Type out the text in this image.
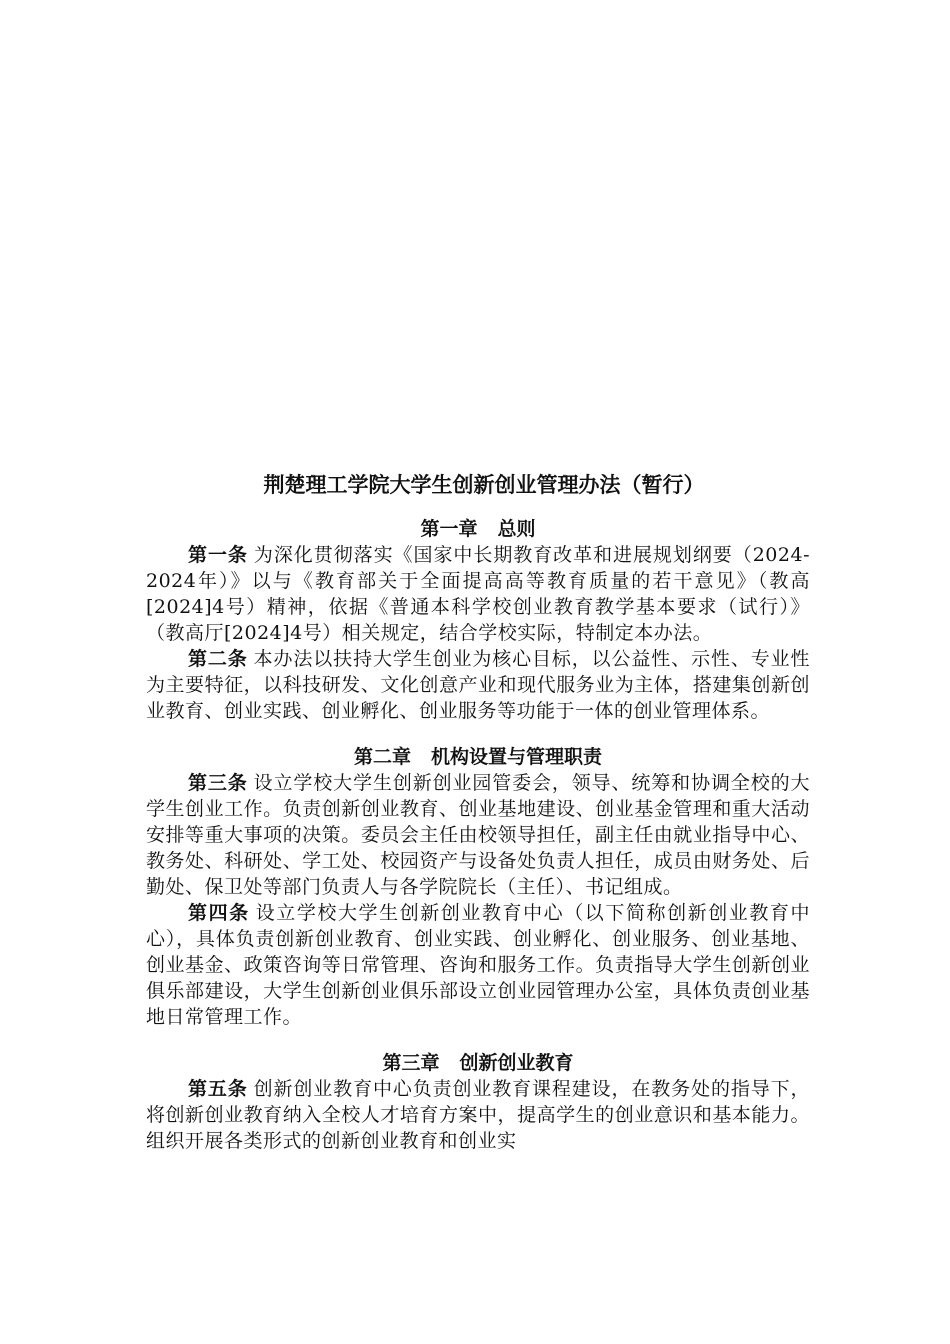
荆楚理工学院大学生创新创业管理办法（暂行）
第一章 总则

第一条 为深化贯彻落实《国家中长期教育改革和进展规划纲要（2024-2024年）》以与《教育部关于全面提高高等教育质量的若干意见》（教高[2024]4号）精神，依据《普通本科学校创业教育教学基本要求（试行）》（教高厅[2024]4号）相关规定，结合学校实际，特制定本办法。

第二条 本办法以扶持大学生创业为核心目标，以公益性、示性、专业性为主要特征，以科技研发、文化创意产业和现代服务业为主体，搭建集创新创业教育、创业实践、创业孵化、创业服务等功能于一体的创业管理体系。

第二章 机构设置与管理职责

第三条 设立学校大学生创新创业园管委会，领导、统筹和协调全校的大学生创业工作。负责创新创业教育、创业基地建设、创业基金管理和重大活动安排等重大事项的决策。委员会主任由校领导担任，副主任由就业指导中心、教务处、科研处、学工处、校园资产与设备处负责人担任，成员由财务处、后勤处、保卫处等部门负责人与各学院院长（主任）、书记组成。

第四条 设立学校大学生创新创业教育中心（以下简称创新创业教育中心），具体负责创新创业教育、创业实践、创业孵化、创业服务、创业基地、创业基金、政策咨询等日常管理、咨询和服务工作。负责指导大学生创新创业俱乐部建设，大学生创新创业俱乐部设立创业园管理办公室，具体负责创业基地日常管理工作。

第三章 创新创业教育

第五条 创新创业教育中心负责创业教育课程建设，在教务处的指导下，将创新创业教育纳入全校人才培育方案中，提高学生的创业意识和基本能力。组织开展各类形式的创新创业教育和创业实
